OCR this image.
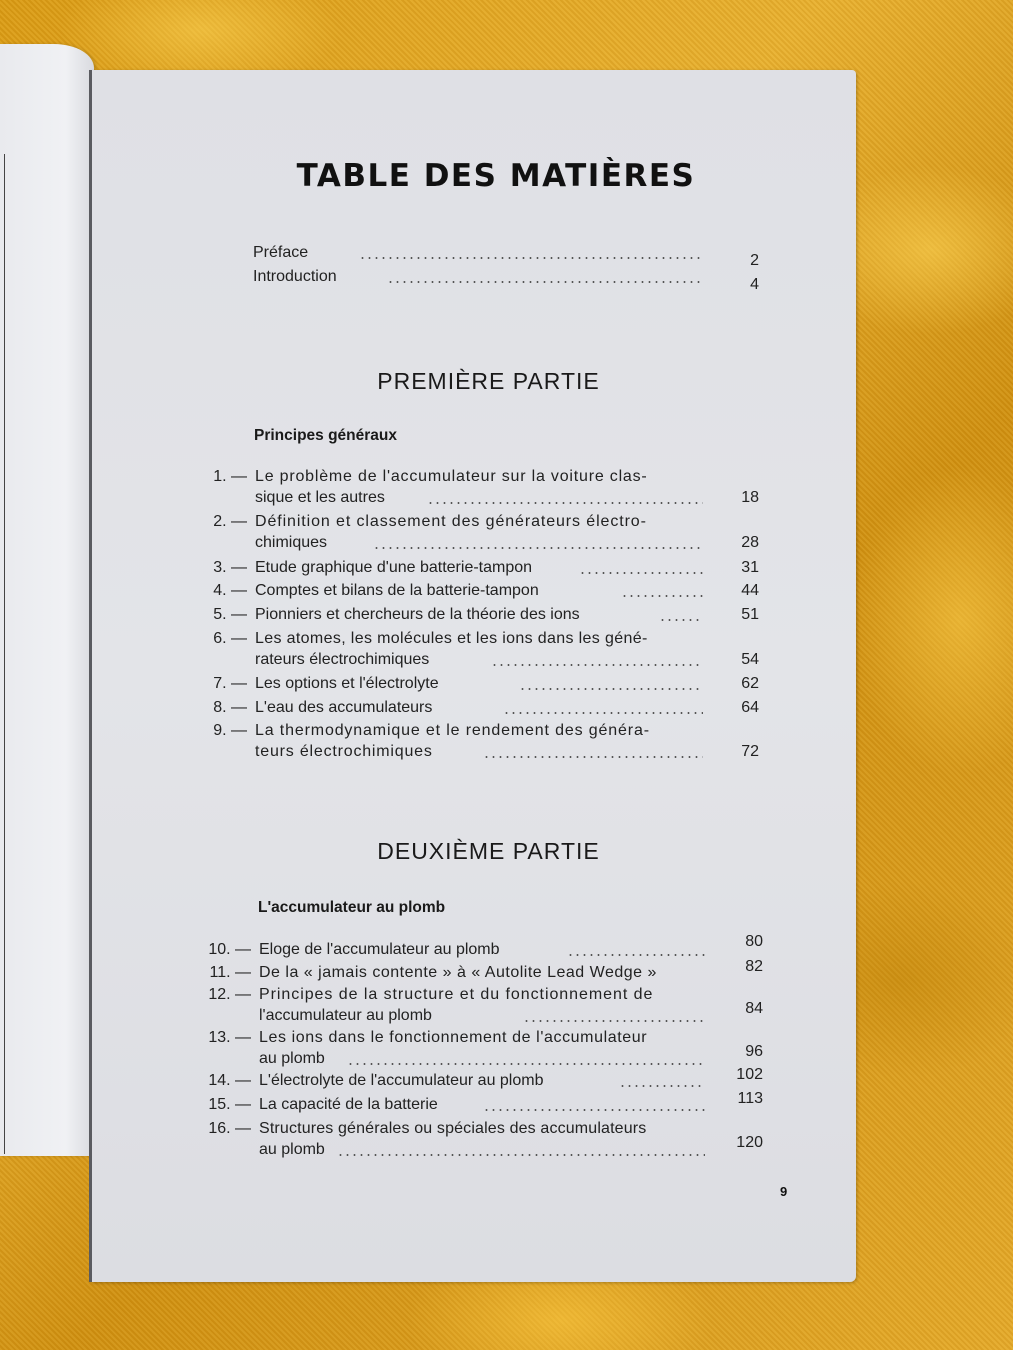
TABLE DES MATIÈRES
Préface	2
Introduction	4
PREMIÈRE PARTIE
Principes généraux
1. — Le problème de l'accumulateur sur la voiture clas-
sique et les autres	18
2. — Définition et classement des générateurs électro-
chimiques	28
3. — Etude graphique d'une batterie-tampon	31
4. — Comptes et bilans de la batterie-tampon	44
5. — Pionniers et chercheurs de la théorie des ions	51
6. — Les atomes, les molécules et les ions dans les géné-
rateurs électrochimiques	54
7. — Les options et l'électrolyte	62
8. — L'eau des accumulateurs	64
9. — La thermodynamique et le rendement des généra-
teurs électrochimiques	72
DEUXIÈME PARTIE
L'accumulateur au plomb
10. — Eloge de l'accumulateur au plomb	80
11. — De la « jamais contente » à « Autolite Lead Wedge »	82
12. — Principes de la structure et du fonctionnement de
l'accumulateur au plomb	84
13. — Les ions dans le fonctionnement de l'accumulateur
au plomb	96
14. — L'électrolyte de l'accumulateur au plomb	102
15. — La capacité de la batterie	113
16. — Structures générales ou spéciales des accumulateurs
au plomb	120
9
